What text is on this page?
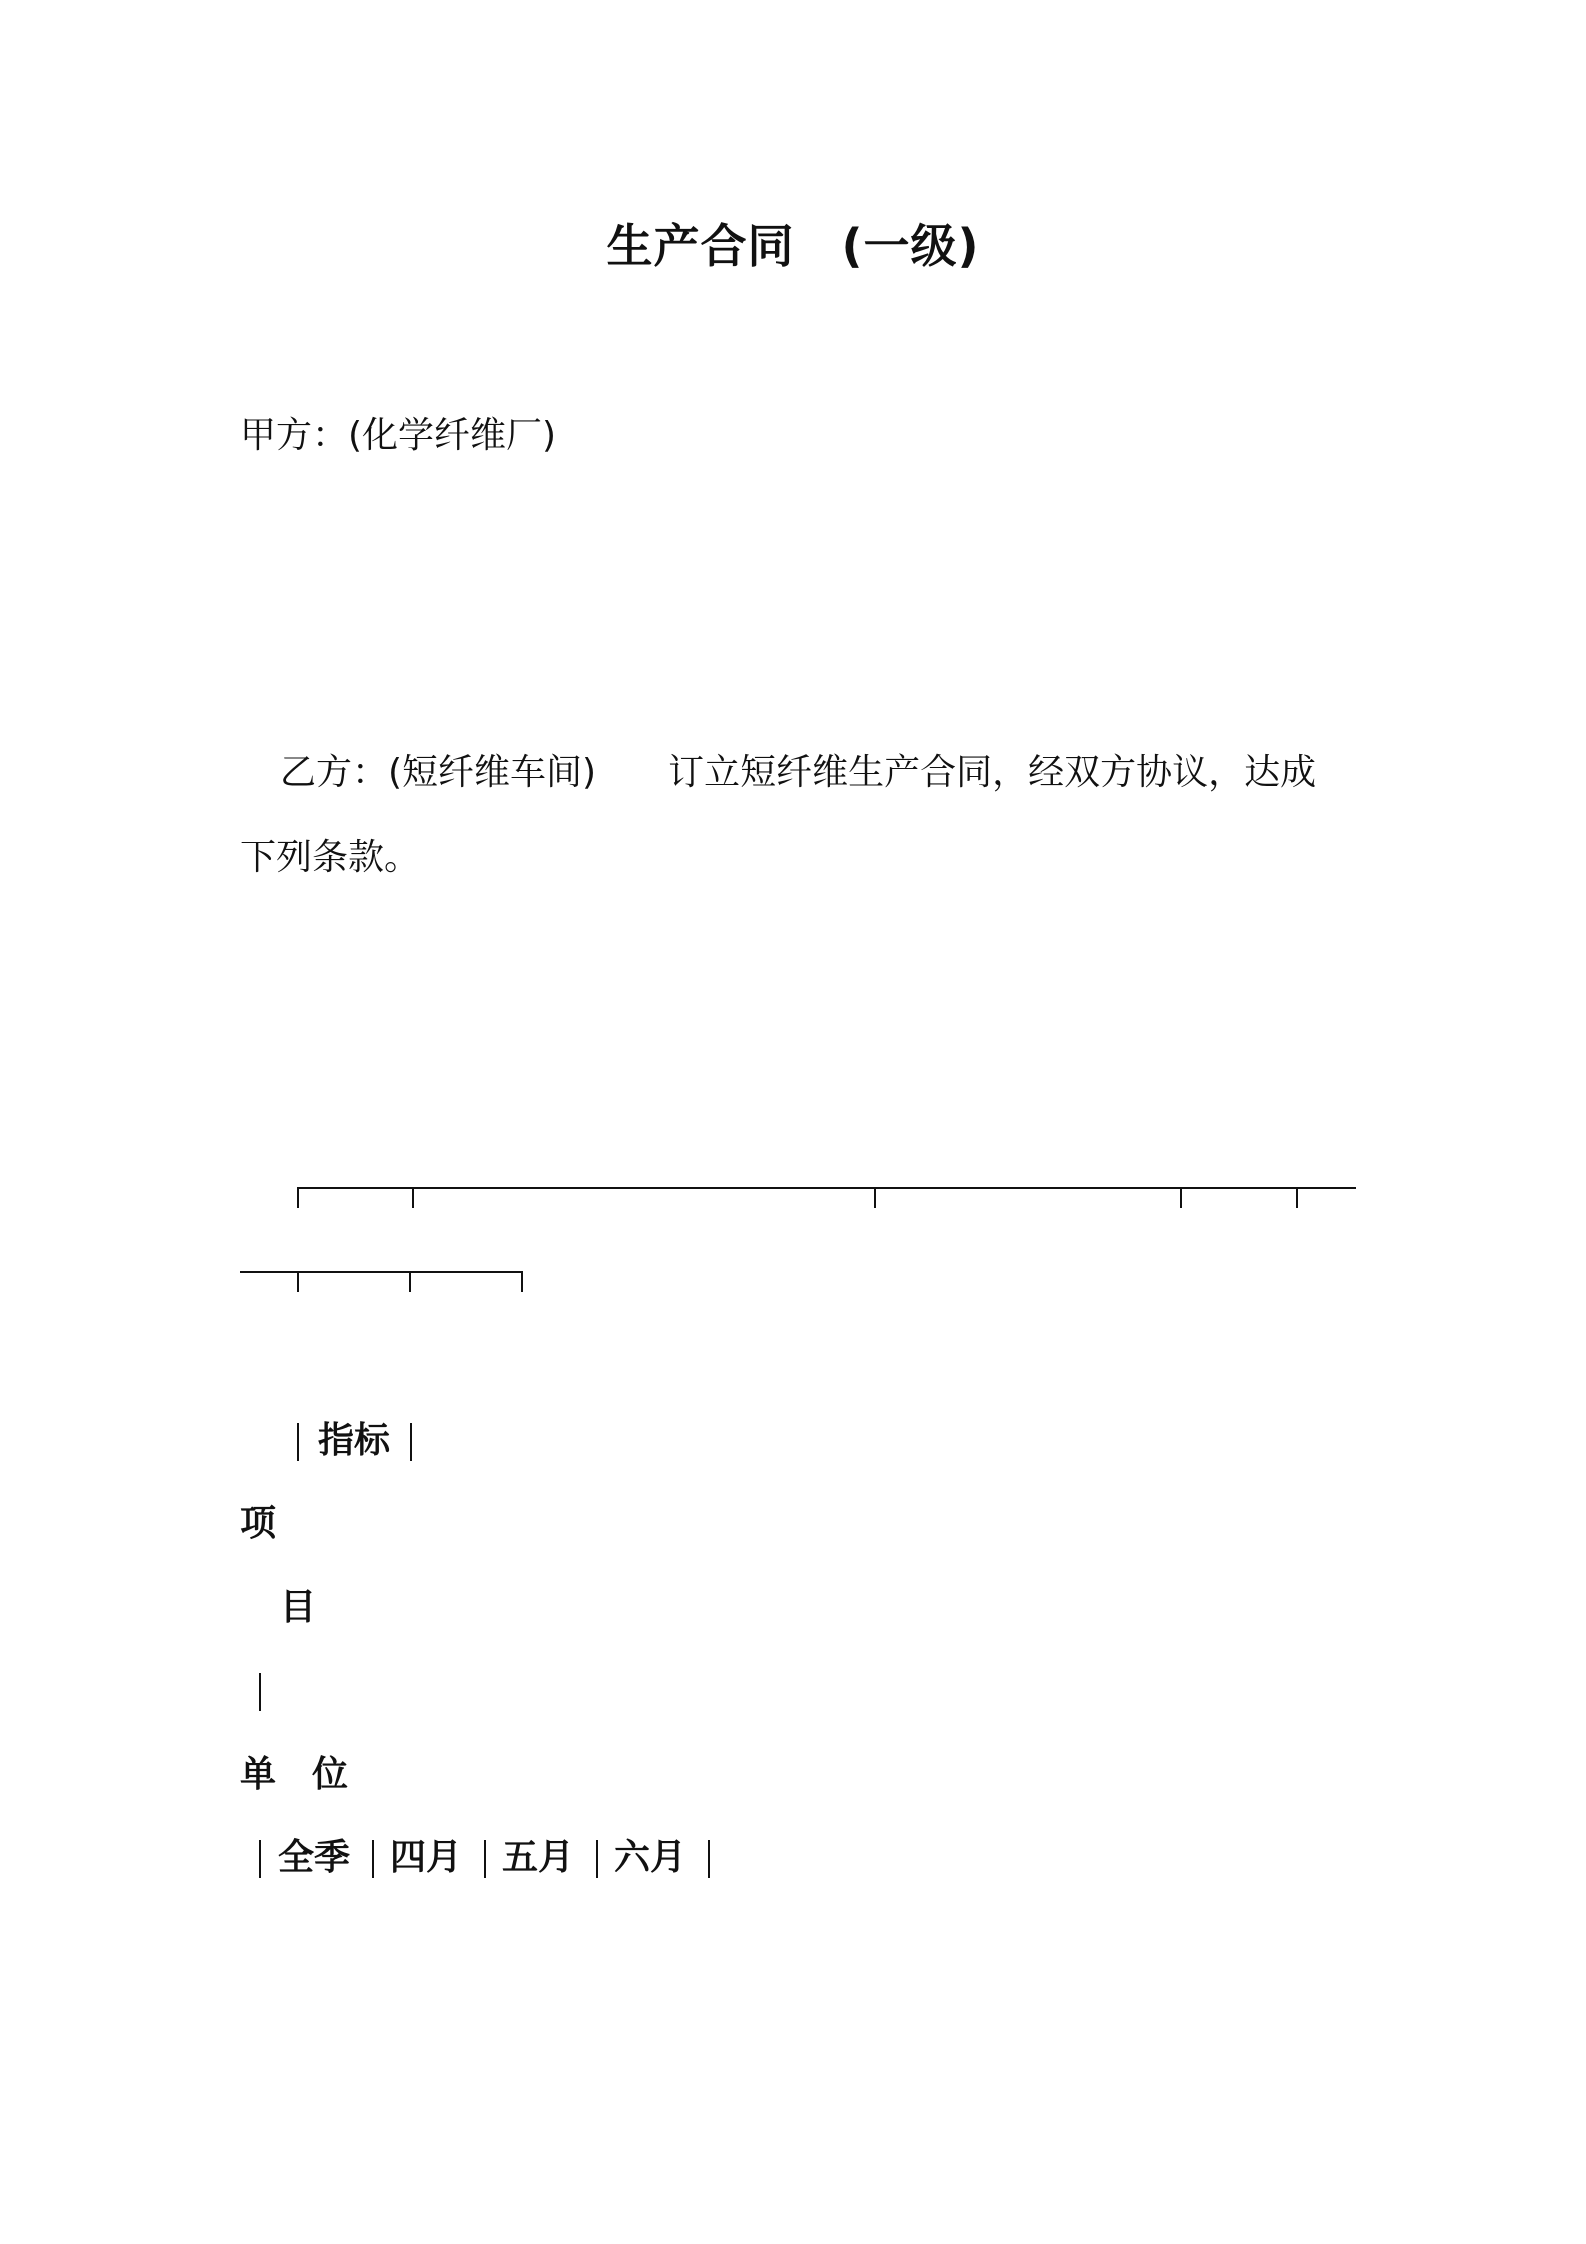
生产合同　(一级)
甲方：(化学纤维厂)
乙方：(短纤维车间)　　订立短纤维生产合同，经双方协议，达成
下列条款。
指标
项
目
单　位
全季 四月 五月 六月
